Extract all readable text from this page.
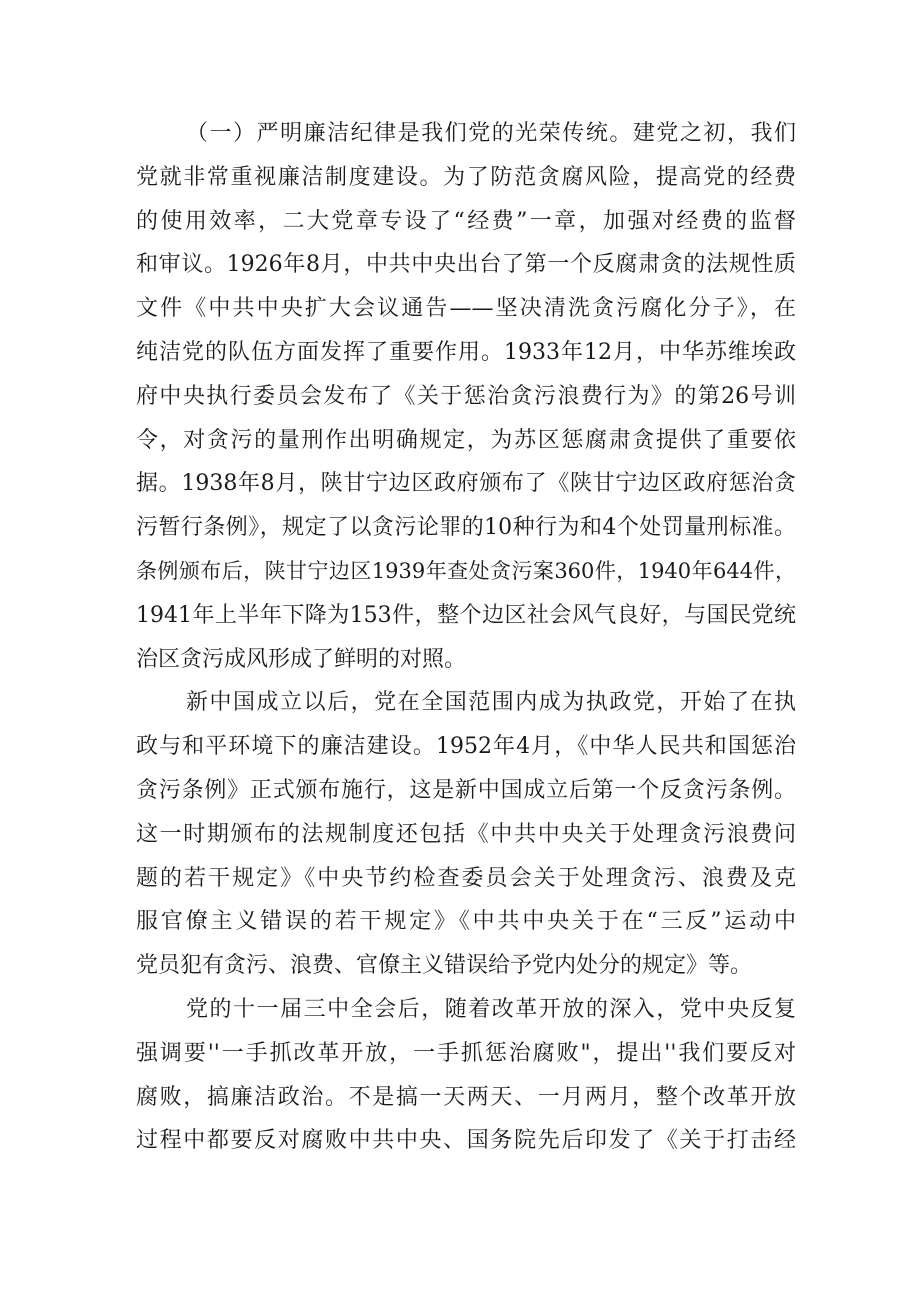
（一）严明廉洁纪律是我们党的光荣传统。建党之初，我们
党就非常重视廉洁制度建设。为了防范贪腐风险，提高党的经费
的使用效率，二大党章专设了“经费”一章，加强对经费的监督
和审议。1926年8月，中共中央出台了第一个反腐肃贪的法规性质
文件《中共中央扩大会议通告——坚决清洗贪污腐化分子》，在
纯洁党的队伍方面发挥了重要作用。1933年12月，中华苏维埃政
府中央执行委员会发布了《关于惩治贪污浪费行为》的第26号训
令，对贪污的量刑作出明确规定，为苏区惩腐肃贪提供了重要依
据。1938年8月，陕甘宁边区政府颁布了《陕甘宁边区政府惩治贪
污暂行条例》，规定了以贪污论罪的10种行为和4个处罚量刑标准。
条例颁布后，陕甘宁边区1939年查处贪污案360件，1940年644件，
1941年上半年下降为153件，整个边区社会风气良好，与国民党统
治区贪污成风形成了鲜明的对照。
新中国成立以后，党在全国范围内成为执政党，开始了在执
政与和平环境下的廉洁建设。1952年4月，《中华人民共和国惩治
贪污条例》正式颁布施行，这是新中国成立后第一个反贪污条例。
这一时期颁布的法规制度还包括《中共中央关于处理贪污浪费问
题的若干规定》《中央节约检查委员会关于处理贪污、浪费及克
服官僚主义错误的若干规定》《中共中央关于在“三反”运动中
党员犯有贪污、浪费、官僚主义错误给予党内处分的规定》等。
党的十一届三中全会后，随着改革开放的深入，党中央反复
强调要''一手抓改革开放，一手抓惩治腐败"，提出''我们要反对
腐败，搞廉洁政治。不是搞一天两天、一月两月，整个改革开放
过程中都要反对腐败中共中央、国务院先后印发了《关于打击经
